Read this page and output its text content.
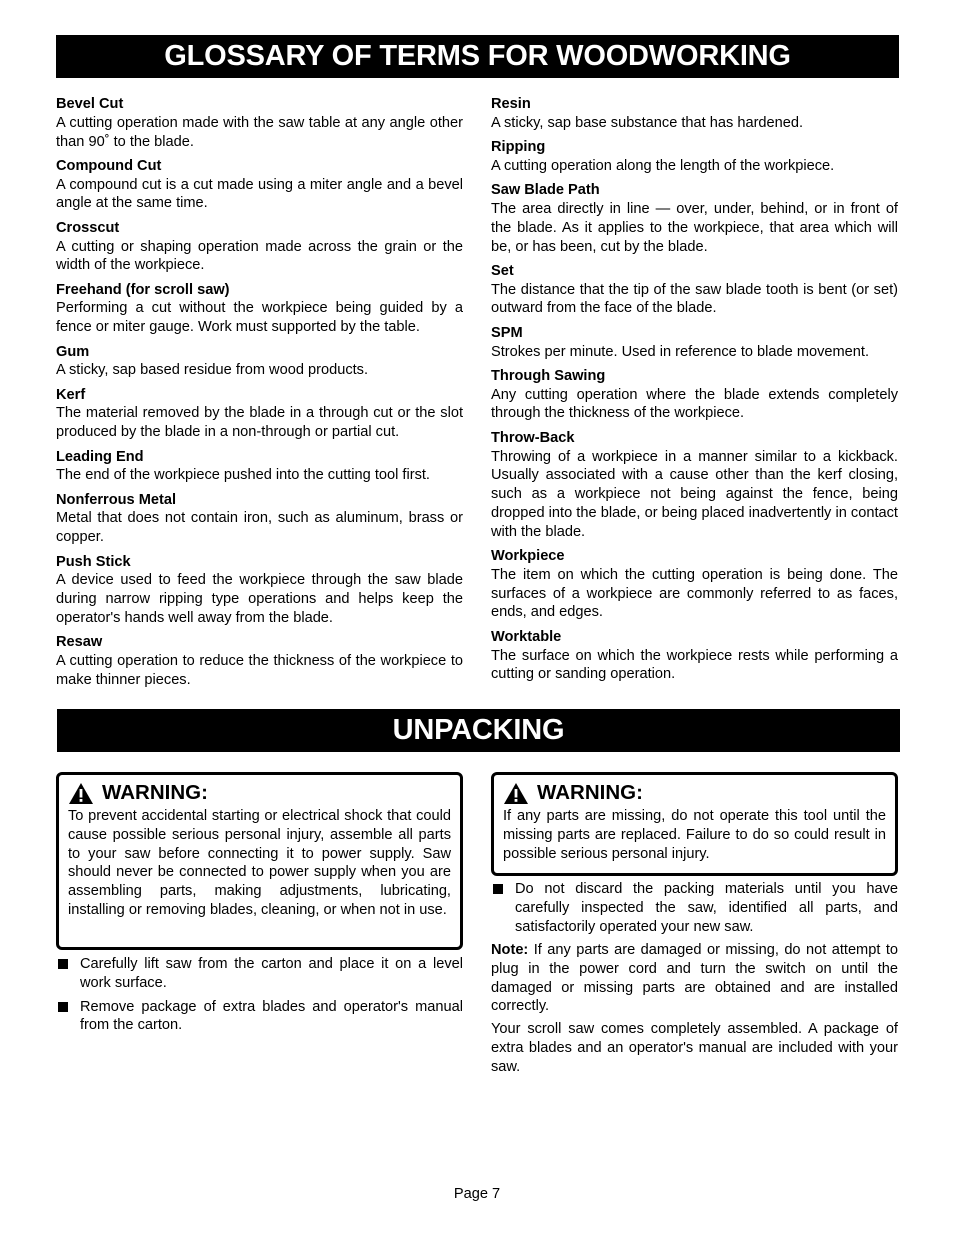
GLOSSARY OF TERMS FOR WOODWORKING
Bevel Cut
A cutting operation made with the saw table at any angle other than 90˚ to the blade.
Compound Cut
A compound cut is a cut made using a miter angle and a bevel angle at the same time.
Crosscut
A cutting or shaping operation made across the grain or the width of the workpiece.
Freehand (for scroll saw)
Performing a cut without the workpiece being guided by a fence or miter gauge. Work must supported by the table.
Gum
A sticky, sap based residue from wood products.
Kerf
The material removed by the blade in a through cut or the slot produced by the blade in a non-through or partial cut.
Leading End
The end of the workpiece pushed into the cutting tool first.
Nonferrous Metal
Metal that does not contain iron, such as aluminum, brass or copper.
Push Stick
A device used to feed the workpiece through the saw blade during narrow ripping type operations and helps keep the operator's hands well away from the blade.
Resaw
A cutting operation to reduce the thickness of the workpiece to make thinner pieces.
Resin
A sticky, sap base substance that has hardened.
Ripping
A cutting operation along the length of the workpiece.
Saw Blade Path
The area directly in line — over, under, behind, or in front of the blade. As it applies to the workpiece, that area which will be, or has been, cut by the blade.
Set
The distance that the tip of the saw blade tooth is bent (or set) outward from the face of the blade.
SPM
Strokes per minute. Used in reference to blade movement.
Through Sawing
Any cutting operation where the blade extends completely through the thickness of the workpiece.
Throw-Back
Throwing of a workpiece in a manner similar to a kickback. Usually associated with a cause other than the kerf closing, such as a workpiece not being against the fence, being dropped into the blade, or being placed inadvertently in contact with the blade.
Workpiece
The item on which the cutting operation is being done. The surfaces of a workpiece are commonly referred to as faces, ends, and edges.
Worktable
The surface on which the workpiece rests while performing a cutting or sanding operation.
UNPACKING
WARNING:
To prevent accidental starting or electrical shock that could cause possible serious personal injury, assemble all parts to your saw before connecting it to power supply. Saw should never be connected to power supply when you are assembling parts, making adjustments, lubricating, installing or removing blades, cleaning, or when not in use.
Carefully lift saw from the carton and place it on a level work surface.
Remove package of extra blades and operator's manual from the carton.
WARNING:
If any parts are missing, do not operate this tool until the missing parts are replaced. Failure to do so could result in possible serious personal injury.
Do not discard the packing materials until you have carefully inspected the saw, identified all parts, and satisfactorily operated your new saw.
Note: If any parts are damaged or missing, do not attempt to plug in the power cord and turn the switch on until the damaged or missing parts are obtained and are installed correctly.
Your scroll saw comes completely assembled. A package of extra blades and an operator's manual are included with your saw.
Page 7
